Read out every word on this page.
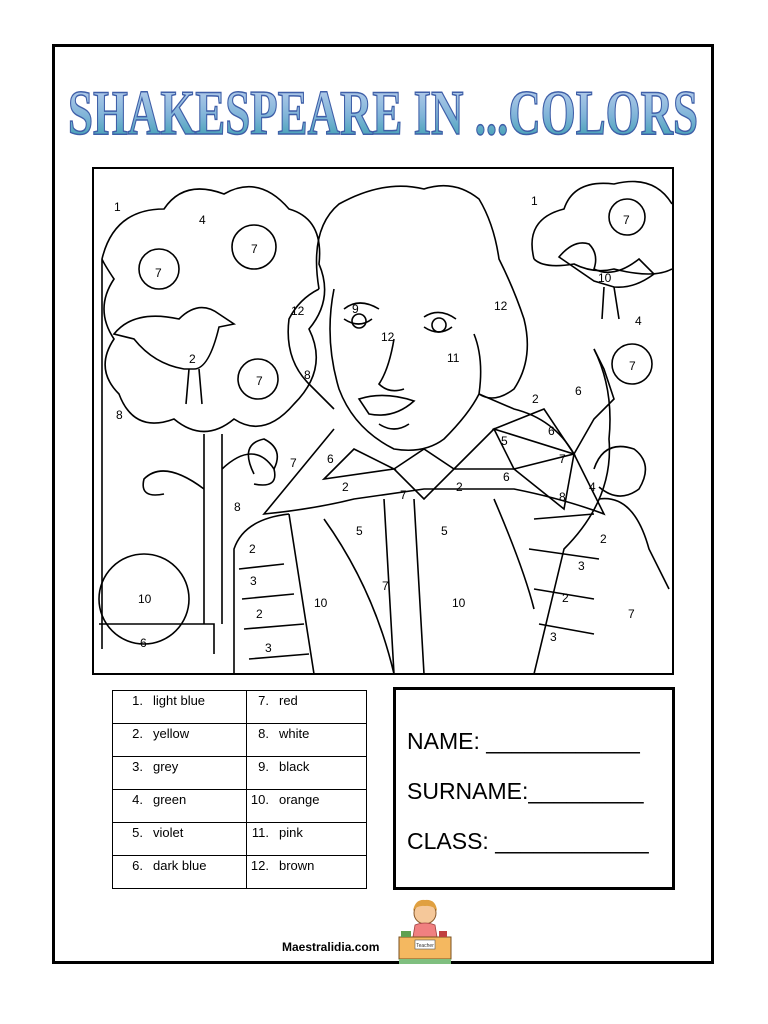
SHAKESPEARE IN ...COLORS
1
4
7
7
2
7
8
12	9
12
11
12
1
7
10
4
7
6
2
6
5
7
6
2
7
2
8
5	5
8
6
7
8
4
2
3
10	10
7
2
3
2
10
3
2
7
3
6
1. light blue	7. red
2. yellow	8. white
3. grey	9. black
4. green	10. orange
5. violet	11. pink
6. dark blue	12. brown
NAME: ____________
SURNAME:_________
CLASS: ____________
Maestralidia.com	Teacher
